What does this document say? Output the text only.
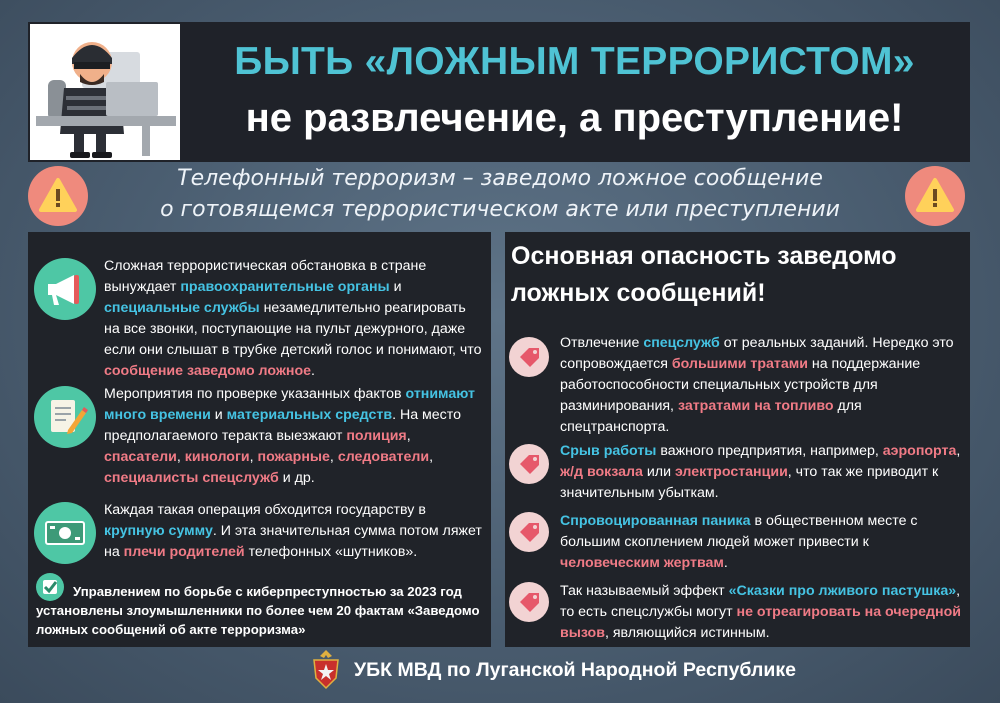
БЫТЬ «ЛОЖНЫМ ТЕРРОРИСТОМ»
не развлечение, а преступление!
Телефонный терроризм – заведомо ложное сообщение
о готовящемся террористическом акте или преступлении
Сложная террористическая обстановка в стране вынуждает правоохранительные органы и специальные службы незамедлительно реагировать на все звонки, поступающие на пульт дежурного, даже если они слышат в трубке детский голос и понимают, что сообщение заведомо ложное.
Мероприятия по проверке указанных фактов отнимают много времени и материальных средств. На место предполагаемого теракта выезжают полиция, спасатели, кинологи, пожарные, следователи, специалисты спецслужб и др.
Каждая такая операция обходится государству в крупную сумму. И эта значительная сумма потом ляжет на плечи родителей телефонных «шутников».
Управлением по борьбе с киберпреступностью за 2023 год установлены злоумышленники по более чем 20 фактам «Заведомо ложных сообщений об акте терроризма»
Основная опасность заведомо ложных сообщений!
Отвлечение спецслужб от реальных заданий. Нередко это сопровождается большими тратами на поддержание работоспособности специальных устройств для разминирования, затратами на топливо для спецтранспорта.
Срыв работы важного предприятия, например, аэропорта, ж/д вокзала или электростанции, что так же приводит к значительным убыткам.
Спровоцированная паника в общественном месте с большим скоплением людей может привести к человеческим жертвам.
Так называемый эффект «Сказки про лживого пастушка», то есть спецслужбы могут не отреагировать на очередной вызов, являющийся истинным.
УБК МВД по Луганской Народной Республике
